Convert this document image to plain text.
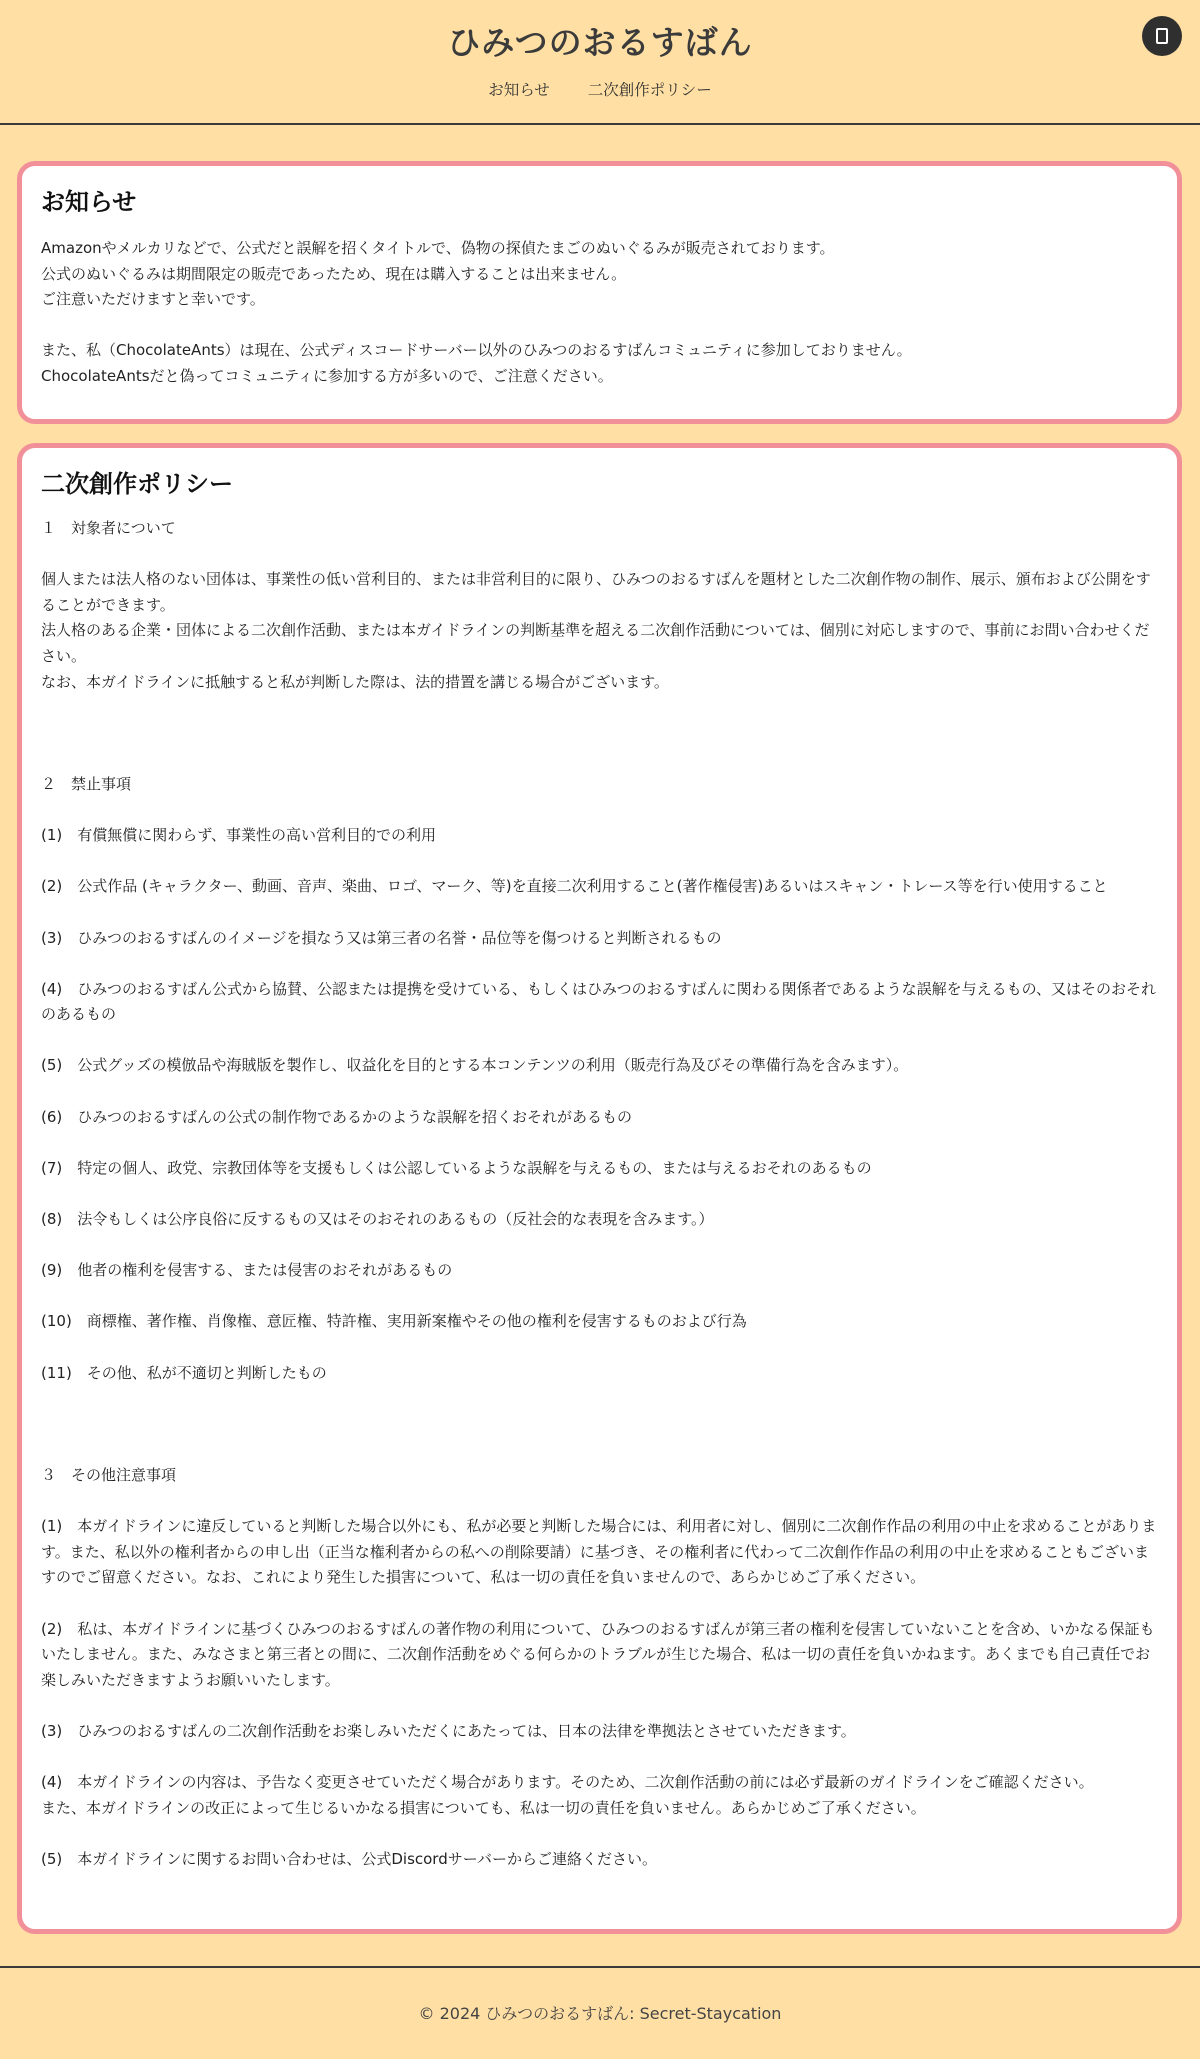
ひみつのおるすばん
お知らせ 二次創作ポリシー
お知らせ
Amazonやメルカリなどで、公式だと誤解を招くタイトルで、偽物の探偵たまごのぬいぐるみが販売されております。
公式のぬいぐるみは期間限定の販売であったため、現在は購入することは出来ません。
ご注意いただけますと幸いです。

また、私（ChocolateAnts）は現在、公式ディスコードサーバー以外のひみつのおるすばんコミュニティに参加しておりません。
ChocolateAntsだと偽ってコミュニティに参加する方が多いので、ご注意ください。
二次創作ポリシー
１　対象者について

個人または法人格のない団体は、事業性の低い営利目的、または非営利目的に限り、ひみつのおるすばんを題材とした二次創作物の制作、展示、頒布および公開をすることができます。
法人格のある企業・団体による二次創作活動、または本ガイドラインの判断基準を超える二次創作活動については、個別に対応しますので、事前にお問い合わせください。
なお、本ガイドラインに抵触すると私が判断した際は、法的措置を講じる場合がございます。

２　禁止事項

(1)　有償無償に関わらず、事業性の高い営利目的での利用

(2)　公式作品 (キャラクター、動画、音声、楽曲、ロゴ、マーク、等)を直接二次利用すること(著作権侵害)あるいはスキャン・トレース等を行い使用すること

(3)　ひみつのおるすばんのイメージを損なう又は第三者の名誉・品位等を傷つけると判断されるもの

(4)　ひみつのおるすばん公式から協賛、公認または提携を受けている、もしくはひみつのおるすばんに関わる関係者であるような誤解を与えるもの、又はそのおそれのあるもの

(5)　公式グッズの模倣品や海賊版を製作し、収益化を目的とする本コンテンツの利用（販売行為及びその準備行為を含みます）。

(6)　ひみつのおるすばんの公式の制作物であるかのような誤解を招くおそれがあるもの

(7)　特定の個人、政党、宗教団体等を支援もしくは公認しているような誤解を与えるもの、または与えるおそれのあるもの

(8)　法令もしくは公序良俗に反するもの又はそのおそれのあるもの（反社会的な表現を含みます。）

(9)　他者の権利を侵害する、または侵害のおそれがあるもの

(10)　商標権、著作権、肖像権、意匠権、特許権、実用新案権やその他の権利を侵害するものおよび行為

(11)　その他、私が不適切と判断したもの

３　その他注意事項

(1)　本ガイドラインに違反していると判断した場合以外にも、私が必要と判断した場合には、利用者に対し、個別に二次創作作品の利用の中止を求めることがあります。また、私以外の権利者からの申し出（正当な権利者からの私への削除要請）に基づき、その権利者に代わって二次創作作品の利用の中止を求めることもございますのでご留意ください。なお、これにより発生した損害について、私は一切の責任を負いませんので、あらかじめご了承ください。

(2)　私は、本ガイドラインに基づくひみつのおるすばんの著作物の利用について、ひみつのおるすばんが第三者の権利を侵害していないことを含め、いかなる保証もいたしません。また、みなさまと第三者との間に、二次創作活動をめぐる何らかのトラブルが生じた場合、私は一切の責任を負いかねます。あくまでも自己責任でお楽しみいただきますようお願いいたします。

(3)　ひみつのおるすばんの二次創作活動をお楽しみいただくにあたっては、日本の法律を準拠法とさせていただきます。

(4)　本ガイドラインの内容は、予告なく変更させていただく場合があります。そのため、二次創作活動の前には必ず最新のガイドラインをご確認ください。
また、本ガイドラインの改正によって生じるいかなる損害についても、私は一切の責任を負いません。あらかじめご了承ください。

(5)　本ガイドラインに関するお問い合わせは、公式Discordサーバーからご連絡ください。

© 2024 ひみつのおるすばん: Secret-Staycation
